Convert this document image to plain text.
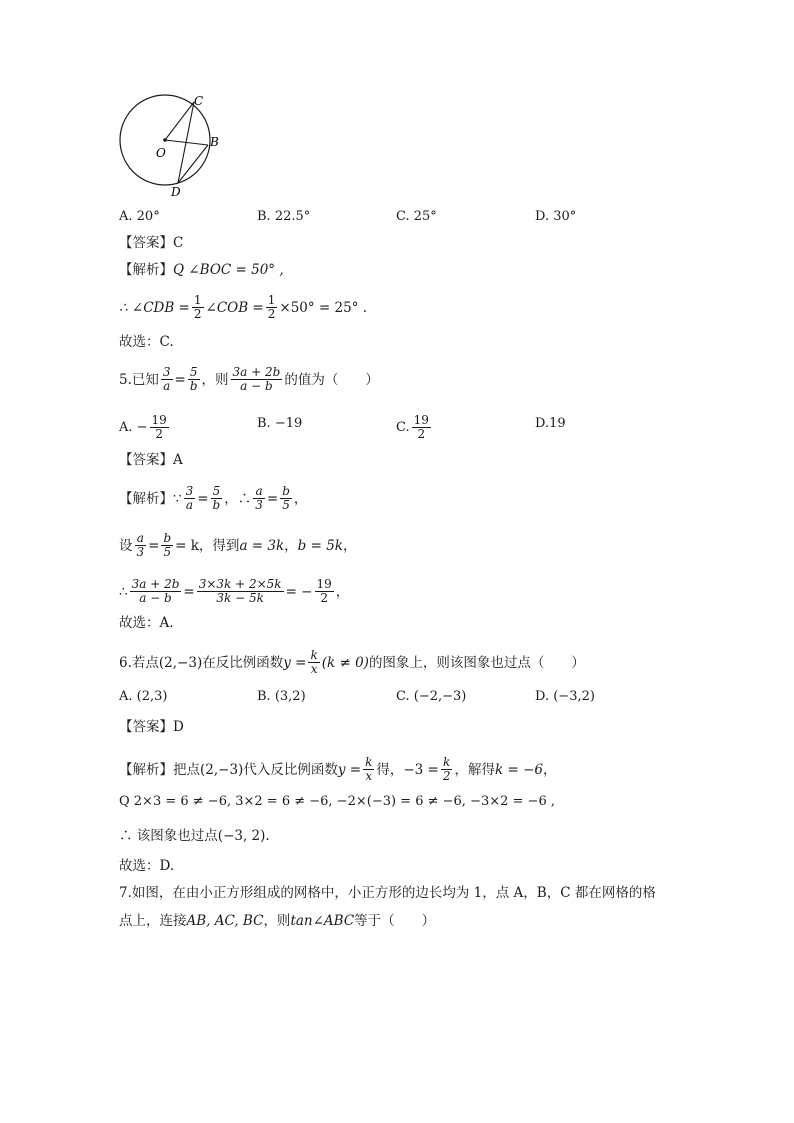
C
B
O
D
A. 20°	B. 22.5°	C. 25°	D. 30°
【答案】C
【解析】 Q ∠BOC = 50° ,
∴ ∠CDB = $\frac{1}{2}$ ∠COB = $\frac{1}{2} \times 50^\circ = 25^\circ$ .
故选：C.
5.已知 $\frac{3}{a} = \frac{5}{b}$ ，则 $\frac{3a + 2b}{a - b}$ 的值为（　　）
A. − $\frac{19}{2}$	B. −19	C. $\frac{19}{2}$	D.19
【答案】A
【解析】 ∵ $\frac{3}{a} = \frac{5}{b}$ ，∴ $\frac{a}{3} = \frac{b}{5}$ ，
设 $\frac{a}{3} = \frac{b}{5} = k$，得到 a = 3k ， b = 5k ，
∴ $\frac{3a + 2b}{a - b} = \frac{3\times 3k + 2\times 5k}{3k - 5k}$ = − $\frac{19}{2}$ ，
故选：A.
6.若点 (2,−3) 在反比例函数 $y = \frac{k}{x} (k \ne 0)$ 的图象上，则该图象也过点（　　）
A. (2,3)	B. (3,2)	C. (−2,−3)	D. (−3,2)
【答案】D
【解析】把点 (2,−3) 代入反比例函数 $y = \frac{k}{x}$ 得， $-3 = \frac{k}{2}$ ，解得 k = −6 ，
Q 2×3 = 6 ≠ −6, 3×2 = 6 ≠ −6, −2×(−3) = 6 ≠ −6, −3×2 = −6 ,
∴ 该图象也过点 (−3, 2).
故选：D.
7.如图，在由小正方形组成的网格中，小正方形的边长均为 1，点 A，B，C 都在网格的格
点上，连接 AB, AC, BC ，则 tan∠ABC 等于（　　）
